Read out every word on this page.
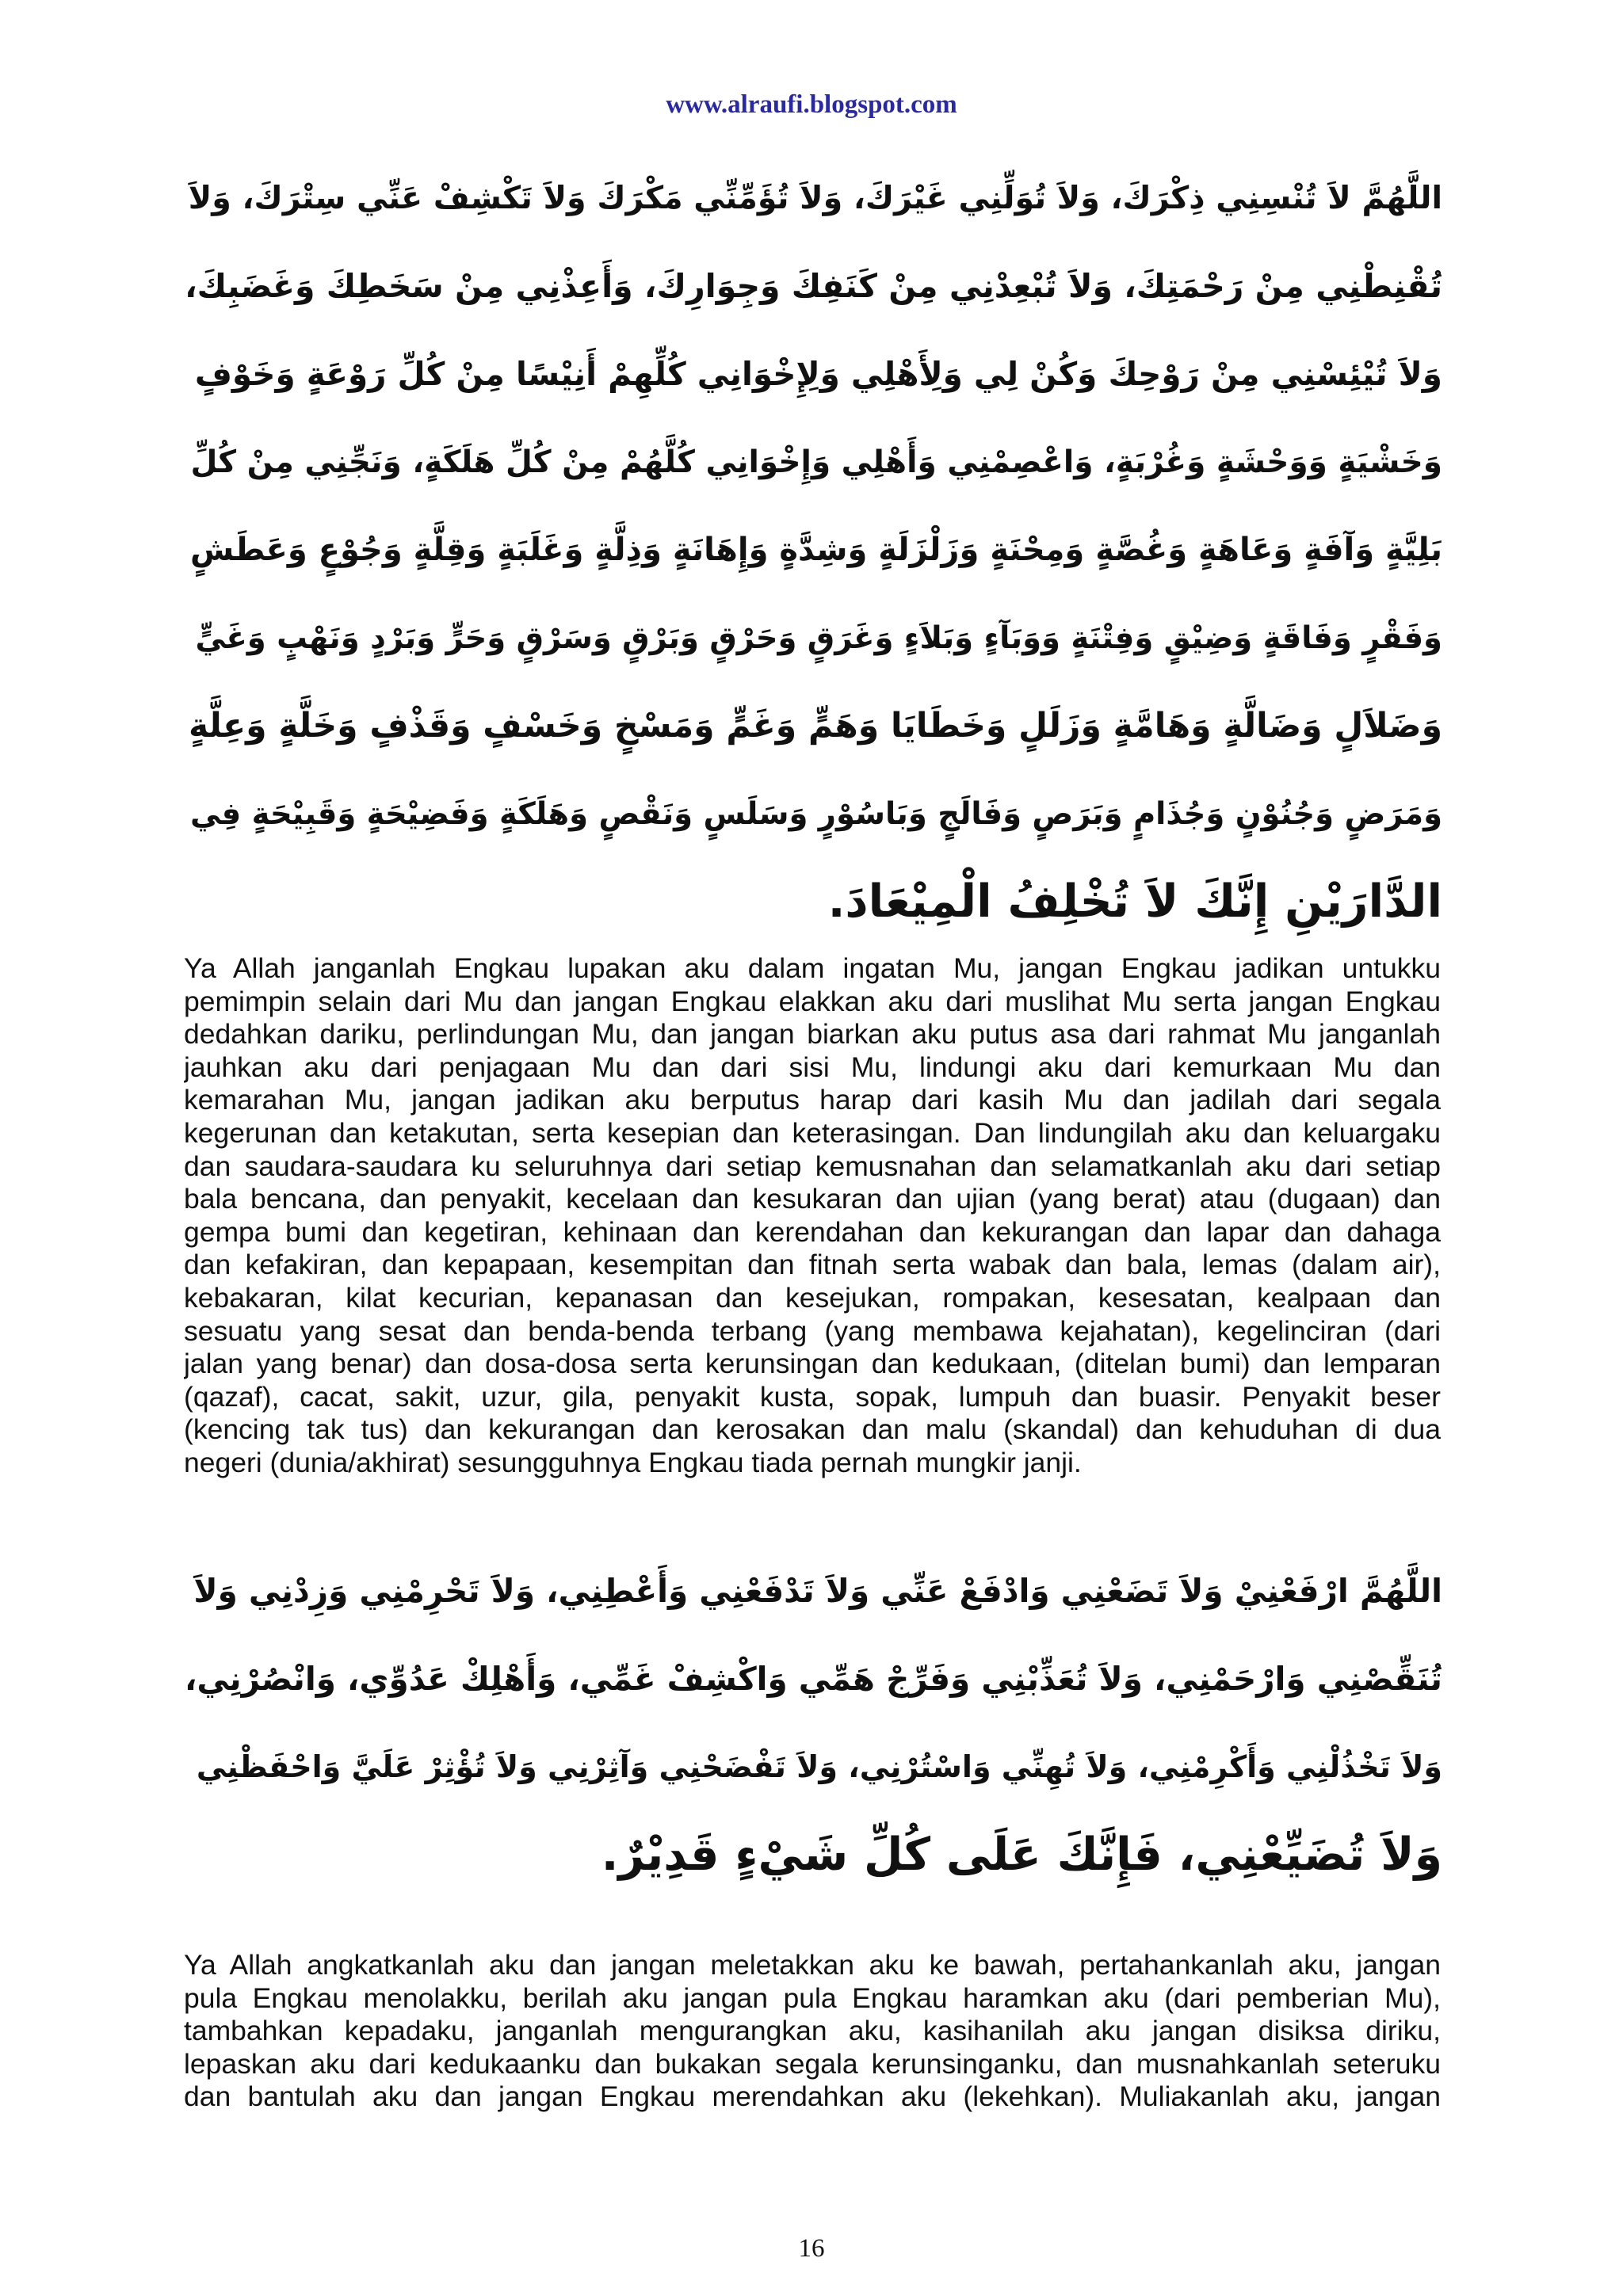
www.alraufi.blogspot.com
اللَّهُمَّ لاَ تُنْسِنِي ذِكْرَكَ، وَلاَ تُوَلِّنِي غَيْرَكَ، وَلاَ تُؤَمِّنِّي مَكْرَكَ وَلاَ تَكْشِفْ عَنِّي سِتْرَكَ، وَلاَ
تُقْنِطْنِي مِنْ رَحْمَتِكَ، وَلاَ تُبْعِدْنِي مِنْ كَنَفِكَ وَجِوَارِكَ، وَأَعِذْنِي مِنْ سَخَطِكَ وَغَضَبِكَ،
وَلاَ تُيْئِسْنِي مِنْ رَوْحِكَ وَكُنْ لِي وَلِأَهْلِي وَلِإِخْوَانِي كُلِّهِمْ أَنِيْسًا مِنْ كُلِّ رَوْعَةٍ وَخَوْفٍ
وَخَشْيَةٍ وَوَحْشَةٍ وَغُرْبَةٍ، وَاعْصِمْنِي وَأَهْلِي وَإِخْوَانِي كُلَّهُمْ مِنْ كُلِّ هَلَكَةٍ، وَنَجِّنِي مِنْ كُلِّ
بَلِيَّةٍ وَآفَةٍ وَعَاهَةٍ وَغُصَّةٍ وَمِحْنَةٍ وَزَلْزَلَةٍ وَشِدَّةٍ وَإِهَانَةٍ وَذِلَّةٍ وَغَلَبَةٍ وَقِلَّةٍ وَجُوْعٍ وَعَطَشٍ
وَفَقْرٍ وَفَاقَةٍ وَضِيْقٍ وَفِتْنَةٍ وَوَبَآءٍ وَبَلاَءٍ وَغَرَقٍ وَحَرْقٍ وَبَرْقٍ وَسَرْقٍ وَحَرٍّ وَبَرْدٍ وَنَهْبٍ وَغَيٍّ
وَضَلاَلٍ وَضَالَّةٍ وَهَامَّةٍ وَزَلَلٍ وَخَطَايَا وَهَمٍّ وَغَمٍّ وَمَسْخٍ وَخَسْفٍ وَقَذْفٍ وَخَلَّةٍ وَعِلَّةٍ
وَمَرَضٍ وَجُنُوْنٍ وَجُذَامٍ وَبَرَصٍ وَفَالَجٍ وَبَاسُوْرٍ وَسَلَسٍ وَنَقْصٍ وَهَلَكَةٍ وَفَضِيْحَةٍ وَقَبِيْحَةٍ فِي
الدَّارَيْنِ إِنَّكَ لاَ تُخْلِفُ الْمِيْعَادَ.
Ya Allah janganlah Engkau lupakan aku dalam ingatan Mu, jangan Engkau jadikan untukku
pemimpin selain dari Mu dan jangan Engkau elakkan aku dari muslihat Mu serta jangan Engkau
dedahkan dariku, perlindungan Mu, dan jangan biarkan aku putus asa dari rahmat Mu janganlah
jauhkan aku dari penjagaan Mu dan dari sisi Mu, lindungi aku dari kemurkaan Mu dan
kemarahan Mu, jangan jadikan aku berputus harap dari kasih Mu dan jadilah dari segala
kegerunan dan ketakutan, serta kesepian dan keterasingan. Dan lindungilah aku dan keluargaku
dan saudara-saudara ku seluruhnya dari setiap kemusnahan dan selamatkanlah aku dari setiap
bala bencana, dan penyakit, kecelaan dan kesukaran dan ujian (yang berat) atau (dugaan) dan
gempa bumi dan kegetiran, kehinaan dan kerendahan dan kekurangan dan lapar dan dahaga
dan kefakiran, dan kepapaan, kesempitan dan fitnah serta wabak dan bala, lemas (dalam air),
kebakaran, kilat kecurian, kepanasan dan kesejukan, rompakan, kesesatan, kealpaan dan
sesuatu yang sesat dan benda-benda terbang (yang membawa kejahatan), kegelinciran (dari
jalan yang benar) dan dosa-dosa serta kerunsingan dan kedukaan, (ditelan bumi) dan lemparan
(qazaf), cacat, sakit, uzur, gila, penyakit kusta, sopak, lumpuh dan buasir. Penyakit beser
(kencing tak tus) dan kekurangan dan kerosakan dan malu (skandal) dan kehuduhan di dua
negeri (dunia/akhirat) sesungguhnya Engkau tiada pernah mungkir janji.
اللَّهُمَّ ارْفَعْنِيْ وَلاَ تَضَعْنِي وَادْفَعْ عَنِّي وَلاَ تَدْفَعْنِي وَأَعْطِنِي، وَلاَ تَحْرِمْنِي وَزِدْنِي وَلاَ
تُنَقِّصْنِي وَارْحَمْنِي، وَلاَ تُعَذِّبْنِي وَفَرِّجْ هَمِّي وَاكْشِفْ غَمِّي، وَأَهْلِكْ عَدُوِّي، وَانْصُرْنِي،
وَلاَ تَخْذُلْنِي وَأَكْرِمْنِي، وَلاَ تُهِنِّي وَاسْتُرْنِي، وَلاَ تَفْضَحْنِي وَآثِرْنِي وَلاَ تُؤْثِرْ عَلَيَّ وَاحْفَظْنِي
وَلاَ تُضَيِّعْنِي، فَإِنَّكَ عَلَى كُلِّ شَيْءٍ قَدِيْرٌ.
Ya Allah angkatkanlah aku dan jangan meletakkan aku ke bawah, pertahankanlah aku, jangan
pula Engkau menolakku, berilah aku jangan pula Engkau haramkan aku (dari pemberian Mu),
tambahkan kepadaku, janganlah mengurangkan aku, kasihanilah aku jangan disiksa diriku,
lepaskan aku dari kedukaanku dan bukakan segala kerunsinganku, dan musnahkanlah seteruku
dan bantulah aku dan jangan Engkau merendahkan aku (lekehkan). Muliakanlah aku, jangan
16
